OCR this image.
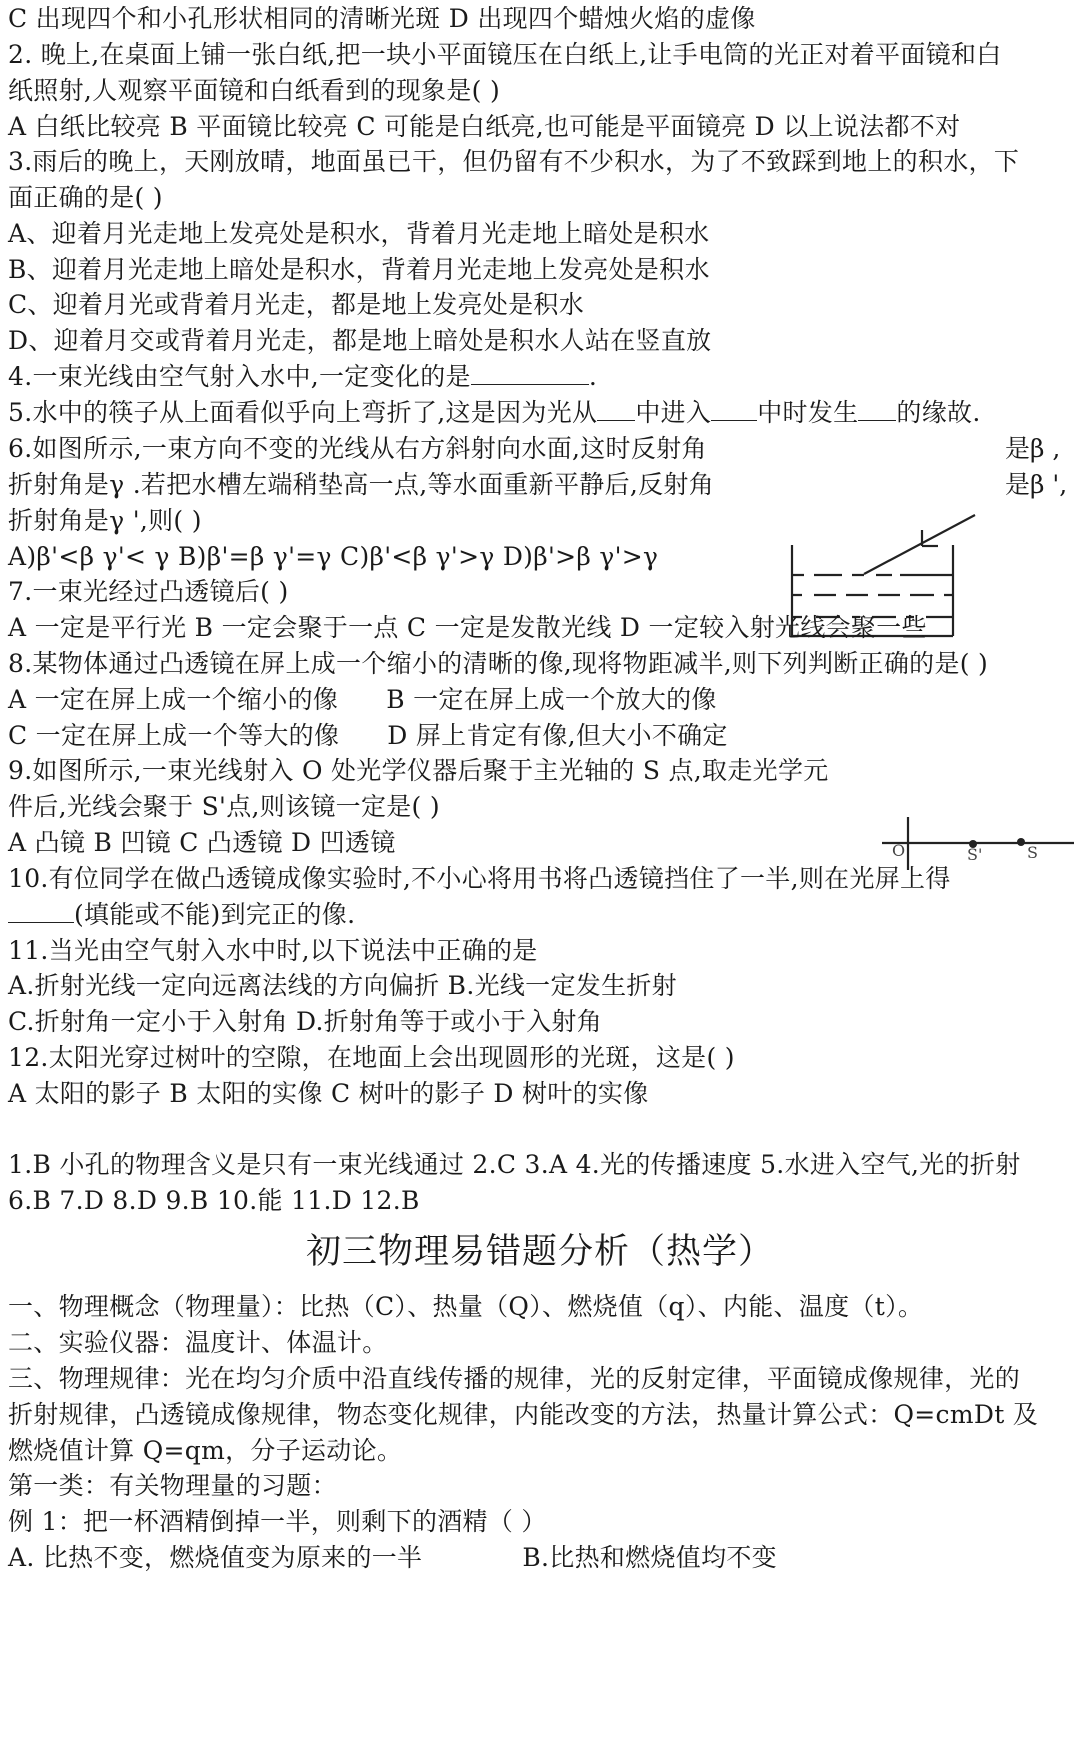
C 出现四个和小孔形状相同的清晰光斑 D 出现四个蜡烛火焰的虚像
2. 晚上,在桌面上铺一张白纸,把一块小平面镜压在白纸上,让手电筒的光正对着平面镜和白
纸照射,人观察平面镜和白纸看到的现象是( )
A 白纸比较亮 B 平面镜比较亮 C 可能是白纸亮,也可能是平面镜亮 D 以上说法都不对
3.雨后的晚上，天刚放晴，地面虽已干，但仍留有不少积水，为了不致踩到地上的积水，下
面正确的是( )
A、迎着月光走地上发亮处是积水，背着月光走地上暗处是积水
B、迎着月光走地上暗处是积水，背着月光走地上发亮处是积水
C、迎着月光或背着月光走，都是地上发亮处是积水
D、迎着月交或背着月光走，都是地上暗处是积水人站在竖直放
4.一束光线由空气射入水中,一定变化的是	.
5.水中的筷子从上面看似乎向上弯折了,这是因为光从 中进入 中时发生 的缘故.
6.如图所示,一束方向不变的光线从右方斜射向水面,这时反射角	是β ,
折射角是γ .若把水槽左端稍垫高一点,等水面重新平静后,反射角	是β ',
折射角是γ ',则( )
A)β'<β γ'< γ B)β'=β γ'=γ C)β'<β γ'>γ D)β'>β γ'>γ
7.一束光经过凸透镜后( )
A 一定是平行光 B 一定会聚于一点 C 一定是发散光线 D 一定较入射光线会聚一些
8.某物体通过凸透镜在屏上成一个缩小的清晰的像,现将物距减半,则下列判断正确的是( )
A 一定在屏上成一个缩小的像 B 一定在屏上成一个放大的像
C 一定在屏上成一个等大的像 D 屏上肯定有像,但大小不确定
9.如图所示,一束光线射入 O 处光学仪器后聚于主光轴的 S 点,取走光学元
件后,光线会聚于 S'点,则该镜一定是( )
A 凸镜 B 凹镜 C 凸透镜 D 凹透镜	O	S'	S
10.有位同学在做凸透镜成像实验时,不小心将用书将凸透镜挡住了一半,则在光屏上得
(填能或不能)到完正的像.
11.当光由空气射入水中时,以下说法中正确的是
A.折射光线一定向远离法线的方向偏折 B.光线一定发生折射
C.折射角一定小于入射角 D.折射角等于或小于入射角
12.太阳光穿过树叶的空隙，在地面上会出现圆形的光斑，这是( )
A 太阳的影子 B 太阳的实像 C 树叶的影子 D 树叶的实像
1.B 小孔的物理含义是只有一束光线通过 2.C 3.A 4.光的传播速度 5.水进入空气,光的折射
6.B 7.D 8.D 9.B 10.能 11.D 12.B
初三物理易错题分析（热学）
一、物理概念（物理量）：比热（C）、热量（Q）、燃烧值（q）、内能、温度（t）。
二、实验仪器：温度计、体温计。
三、物理规律：光在均匀介质中沿直线传播的规律，光的反射定律，平面镜成像规律，光的
折射规律，凸透镜成像规律，物态变化规律，内能改变的方法，热量计算公式：Q=cmDt 及
燃烧值计算 Q=qm，分子运动论。
第一类：有关物理量的习题：
例 1：把一杯酒精倒掉一半，则剩下的酒精（ ）
A. 比热不变，燃烧值变为原来的一半	B.比热和燃烧值均不变
